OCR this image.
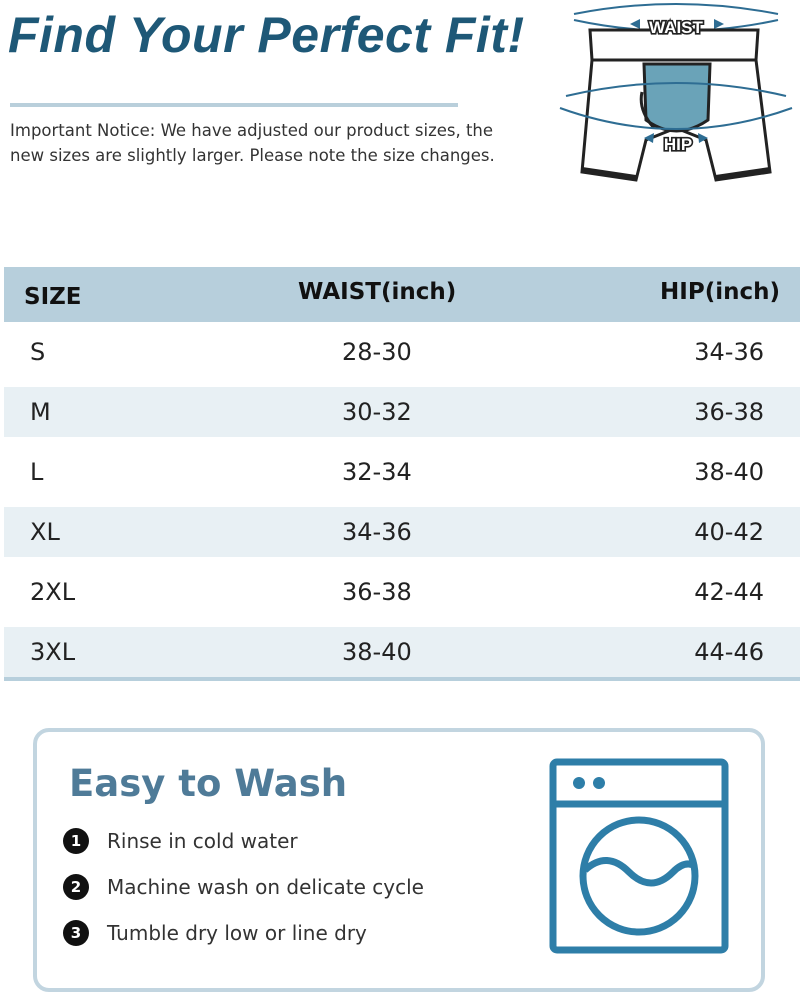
Find Your Perfect Fit!
Important Notice: We have adjusted our product sizes, the
new sizes are slightly larger. Please note the size changes.
WAIST
HIP
SIZE	WAIST(inch)	HIP(inch)
S	28-30	34-36
M	30-32	36-38
L	32-34	38-40
XL	34-36	40-42
2XL	36-38	42-44
3XL	38-40	44-46
Easy to Wash
1	Rinse in cold water
2	Machine wash on delicate cycle
3	Tumble dry low or line dry
